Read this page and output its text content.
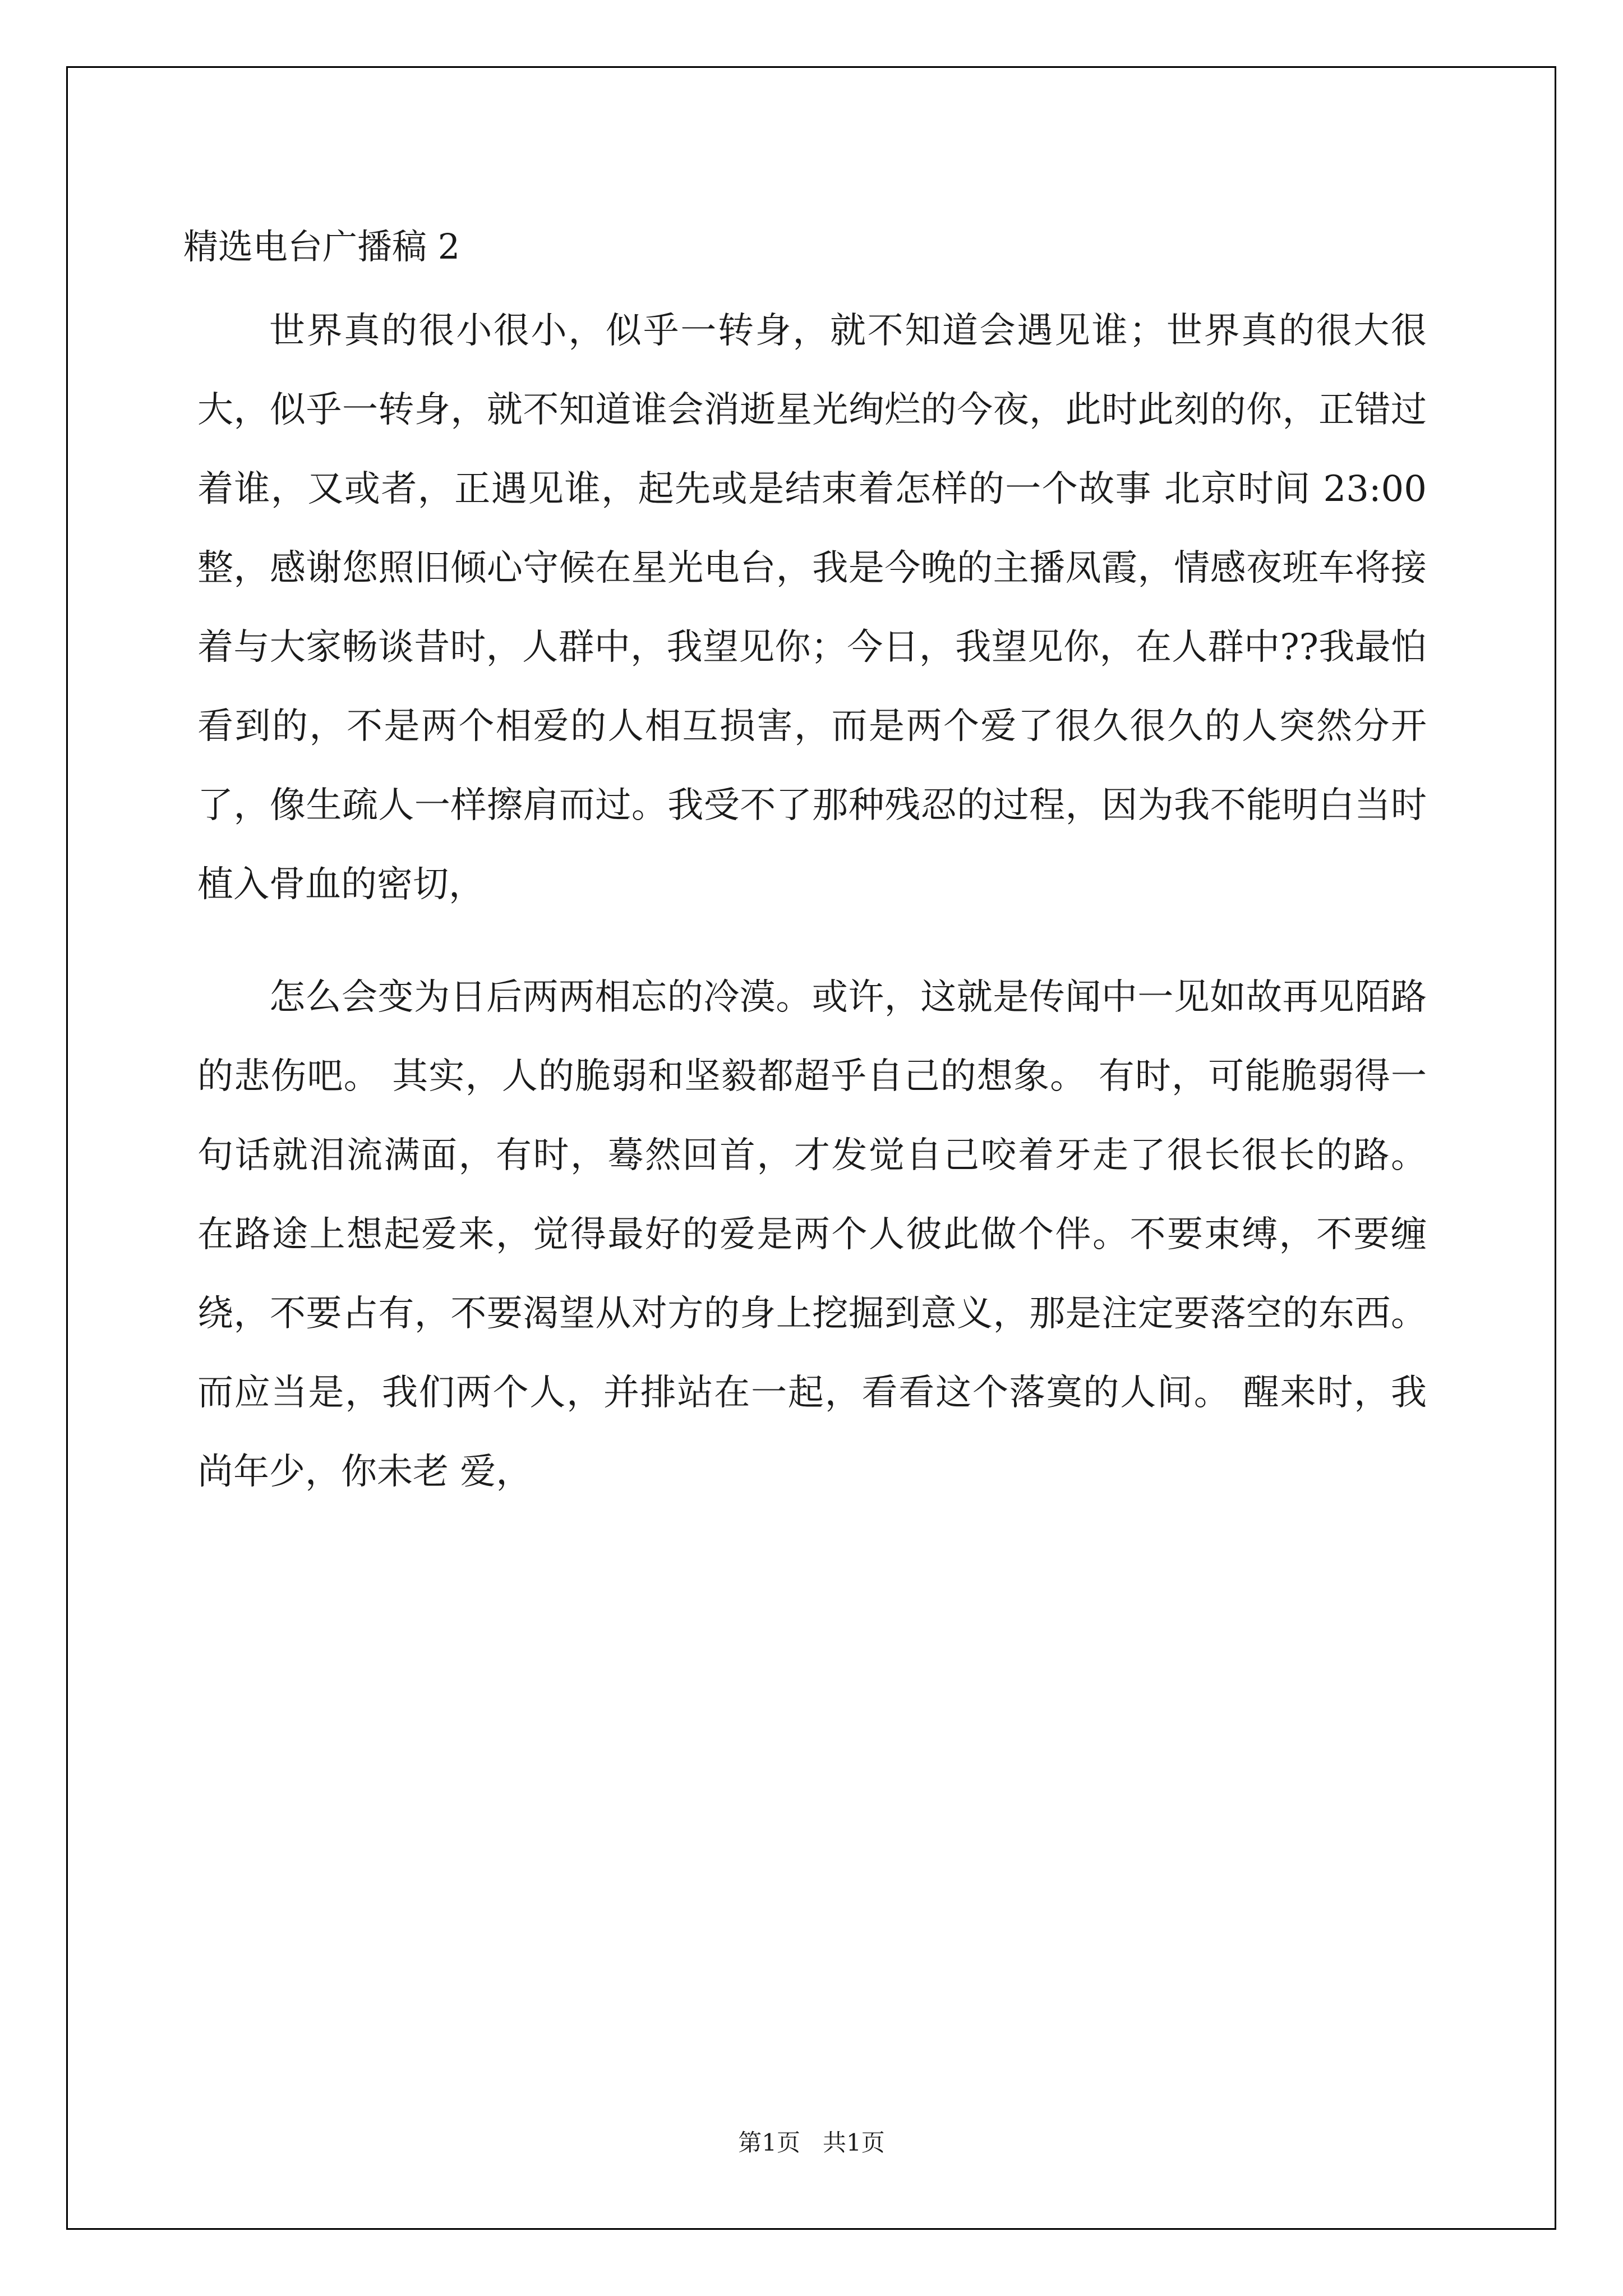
精选电台广播稿 2

世界真的很小很小，似乎一转身，就不知道会遇见谁；世界真的很大很大，似乎一转身，就不知道谁会消逝星光绚烂的今夜，此时此刻的你，正错过着谁，又或者，正遇见谁，起先或是结束着怎样的一个故事 北京时间 23:00 整，感谢您照旧倾心守候在星光电台，我是今晚的主播凤霞，情感夜班车将接着与大家畅谈昔时，人群中，我望见你；今日，我望见你，在人群中??我最怕看到的，不是两个相爱的人相互损害，而是两个爱了很久很久的人突然分开了，像生疏人一样擦肩而过。我受不了那种残忍的过程，因为我不能明白当时植入骨血的密切，

怎么会变为日后两两相忘的冷漠。或许，这就是传闻中一见如故再见陌路的悲伤吧。 其实，人的脆弱和坚毅都超乎自己的想象。 有时，可能脆弱得一句话就泪流满面，有时，蓦然回首，才发觉自己咬着牙走了很长很长的路。 在路途上想起爱来，觉得最好的爱是两个人彼此做个伴。不要束缚，不要缠绕，不要占有，不要渴望从对方的身上挖掘到意义，那是注定要落空的东西。而应当是，我们两个人，并排站在一起，看看这个落寞的人间。 醒来时，我尚年少，你未老 爱，

第1页   共1页
